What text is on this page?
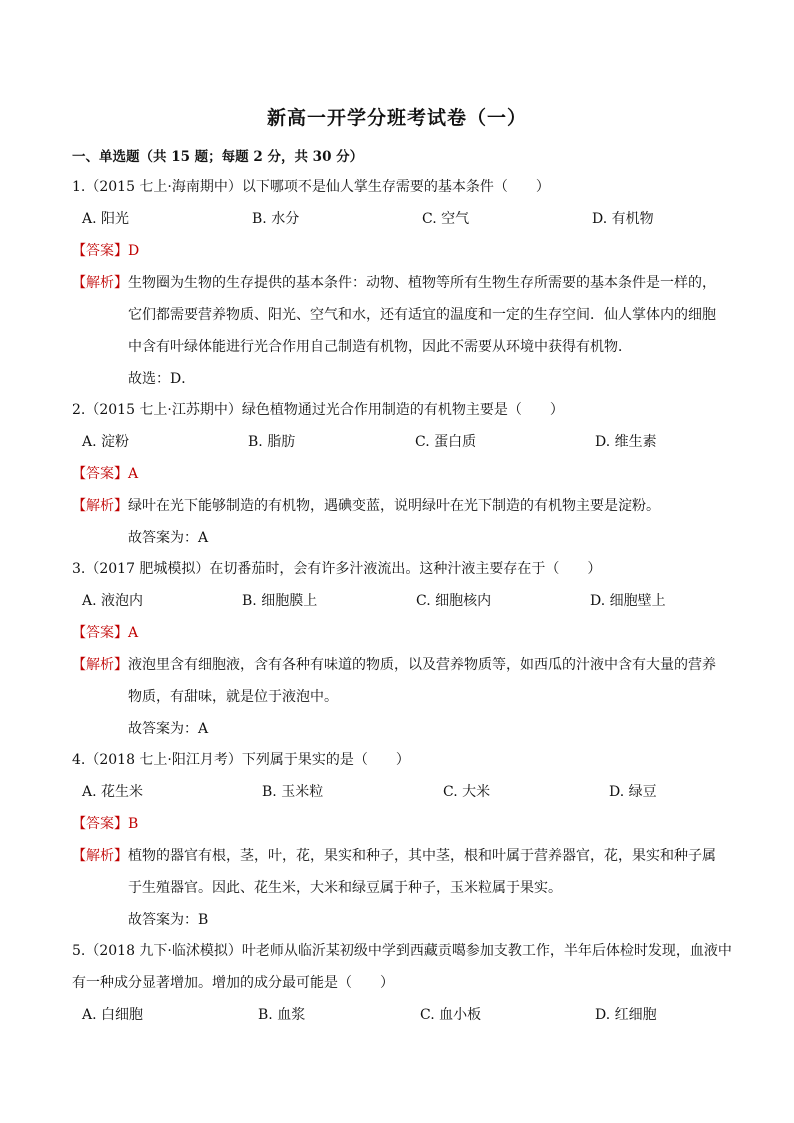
新高一开学分班考试卷（一）
一、单选题（共 15 题；每题 2 分，共 30 分）
1.（2015 七上·海南期中）以下哪项不是仙人掌生存需要的基本条件（　　）
A. 阳光	B. 水分	C. 空气	D. 有机物
【答案】D
【解析】生物圈为生物的生存提供的基本条件：动物、植物等所有生物生存所需要的基本条件是一样的，
它们都需要营养物质、阳光、空气和水，还有适宜的温度和一定的生存空间．仙人掌体内的细胞
中含有叶绿体能进行光合作用自己制造有机物，因此不需要从环境中获得有机物．
故选：D．
2.（2015 七上·江苏期中）绿色植物通过光合作用制造的有机物主要是（　　）
A. 淀粉	B. 脂肪	C. 蛋白质	D. 维生素
【答案】A
【解析】绿叶在光下能够制造的有机物，遇碘变蓝，说明绿叶在光下制造的有机物主要是淀粉。
故答案为：A
3.（2017 肥城模拟）在切番茄时，会有许多汁液流出。这种汁液主要存在于（　　）
A. 液泡内	B. 细胞膜上	C. 细胞核内	D. 细胞壁上
【答案】A
【解析】液泡里含有细胞液，含有各种有味道的物质，以及营养物质等，如西瓜的汁液中含有大量的营养
物质，有甜味，就是位于液泡中。
故答案为：A
4.（2018 七上·阳江月考）下列属于果实的是（　　）
A. 花生米	B. 玉米粒	C. 大米	D. 绿豆
【答案】B
【解析】植物的器官有根，茎，叶，花，果实和种子，其中茎，根和叶属于营养器官，花，果实和种子属
于生殖器官。因此、花生米，大米和绿豆属于种子，玉米粒属于果实。
故答案为：B
5.（2018 九下·临沭模拟）叶老师从临沂某初级中学到西藏贡噶参加支教工作，半年后体检时发现，血液中
有一种成分显著增加。增加的成分最可能是（　　）
A. 白细胞	B. 血浆	C. 血小板	D. 红细胞
